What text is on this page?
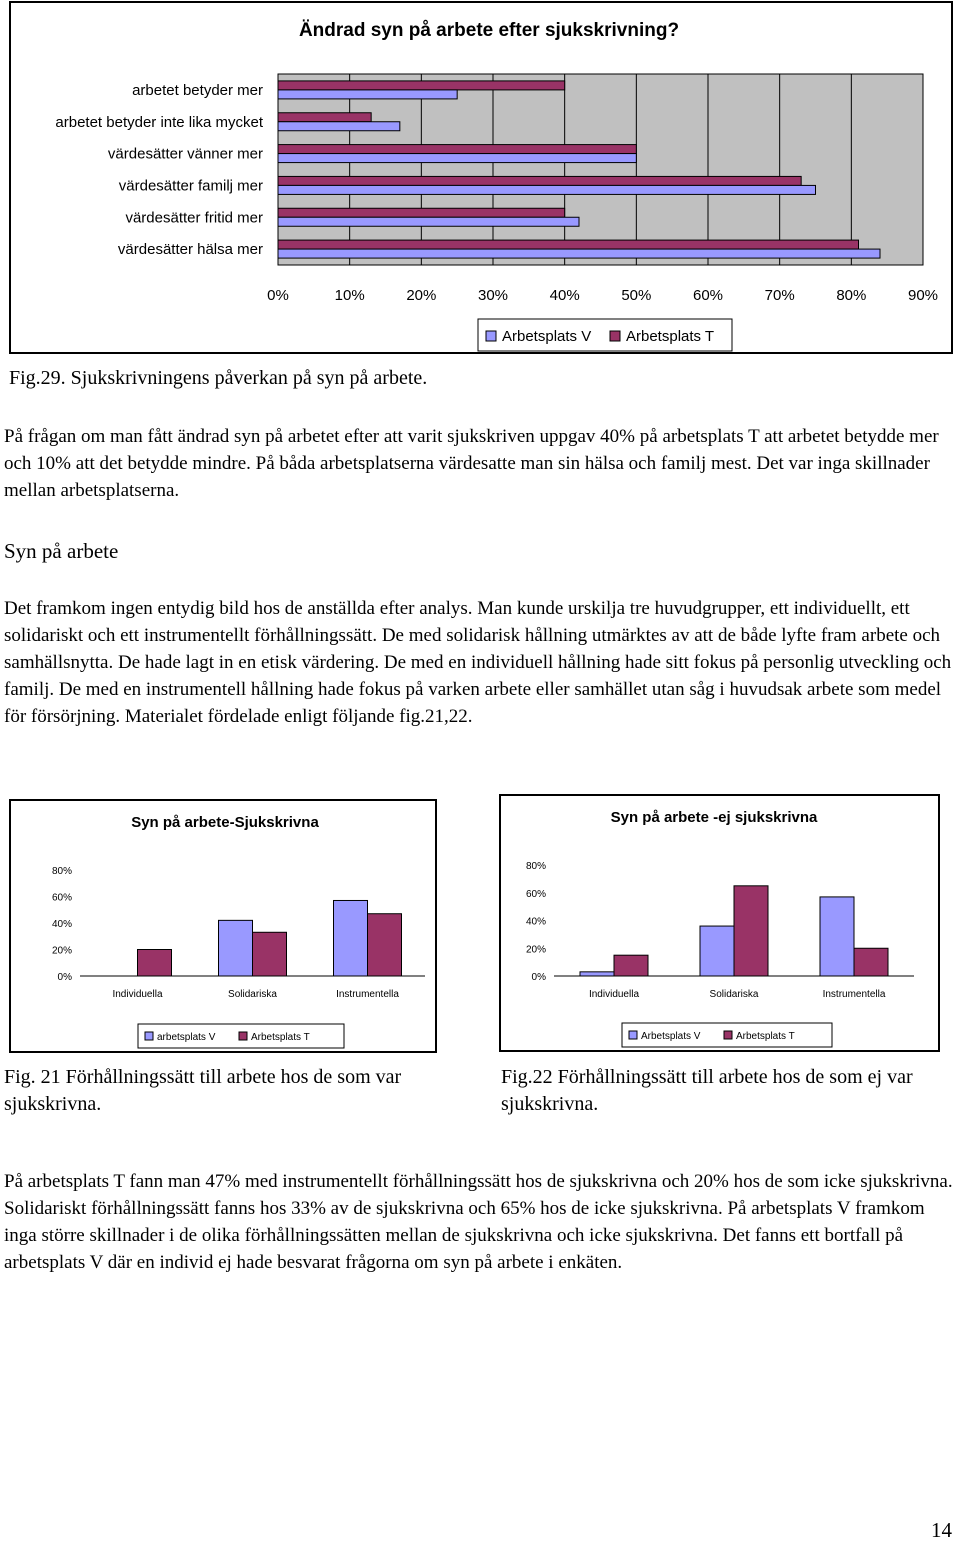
Ändrad syn på arbete efter sjukskrivning?
0%	10%	20%	30%	40%	50%	60%	70%	80%	90%
arbetet betyder mer
arbetet betyder inte lika mycket
värdesätter vänner mer
värdesätter familj mer
värdesätter fritid mer
värdesätter hälsa mer
Arbetsplats V Arbetsplats T
Fig.29. Sjukskrivningens påverkan på syn på arbete.

På frågan om man fått ändrad syn på arbetet efter att varit sjukskriven uppgav 40% på arbetsplats T att arbetet betydde mer och 10% att det betydde mindre. På båda arbetsplatserna värdesatte man sin hälsa och familj mest. Det var inga skillnader mellan arbetsplatserna.

Syn på arbete

Det framkom ingen entydig bild hos de anställda efter analys. Man kunde urskilja tre huvudgrupper, ett individuellt, ett solidariskt och ett instrumentellt förhållningssätt. De med solidarisk hållning utmärktes av att de både lyfte fram arbete och samhällsnytta. De hade lagt in en etisk värdering. De med en individuell hållning hade sitt fokus på personlig utveckling och familj. De med en instrumentell hållning hade fokus på varken arbete eller samhället utan såg i huvudsak arbete som medel för försörjning. Materialet fördelade enligt följande fig.21,22.

Syn på arbete-Sjukskrivna
0%
20%
40%
60%
80%
Individuella	Solidariska	Instrumentella
arbetsplats V	Arbetsplats T
Syn på arbete -ej sjukskrivna
0%
20%
40%
60%
80%
Individuella	Solidariska	Instrumentella
Arbetsplats V	Arbetsplats T
Fig. 21 Förhållningssätt till arbete hos de som var sjukskrivna.
Fig.22 Förhållningssätt till arbete hos de som ej var sjukskrivna.

På arbetsplats T fann man 47% med instrumentellt förhållningssätt hos de sjukskrivna och 20% hos de som icke sjukskrivna. Solidariskt förhållningssätt fanns hos 33% av de sjukskrivna och 65% hos de icke sjukskrivna. På arbetsplats V framkom inga större skillnader i de olika förhållningssätten mellan de sjukskrivna och icke sjukskrivna. Det fanns ett bortfall på arbetsplats V där en individ ej hade besvarat frågorna om syn på arbete i enkäten.

14
